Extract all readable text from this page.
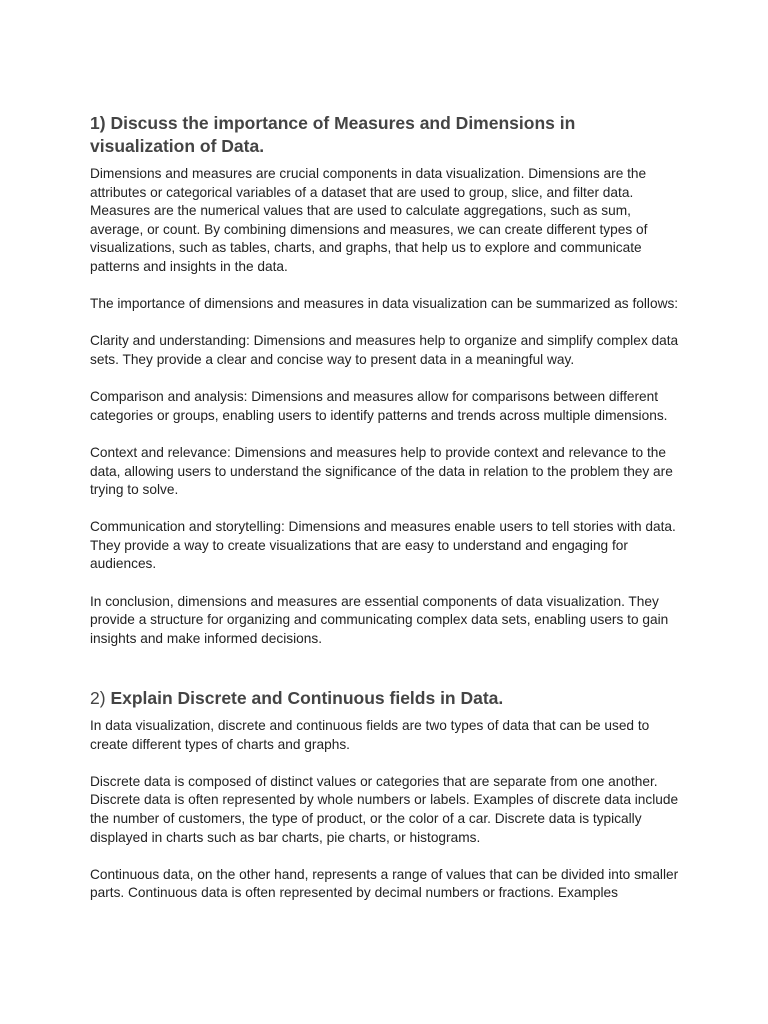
1) Discuss the importance of Measures and Dimensions in visualization of Data.

Dimensions and measures are crucial components in data visualization. Dimensions are the attributes or categorical variables of a dataset that are used to group, slice, and filter data. Measures are the numerical values that are used to calculate aggregations, such as sum, average, or count. By combining dimensions and measures, we can create different types of visualizations, such as tables, charts, and graphs, that help us to explore and communicate patterns and insights in the data.

The importance of dimensions and measures in data visualization can be summarized as follows:

Clarity and understanding: Dimensions and measures help to organize and simplify complex data sets. They provide a clear and concise way to present data in a meaningful way.

Comparison and analysis: Dimensions and measures allow for comparisons between different categories or groups, enabling users to identify patterns and trends across multiple dimensions.

Context and relevance: Dimensions and measures help to provide context and relevance to the data, allowing users to understand the significance of the data in relation to the problem they are trying to solve.

Communication and storytelling: Dimensions and measures enable users to tell stories with data. They provide a way to create visualizations that are easy to understand and engaging for audiences.

In conclusion, dimensions and measures are essential components of data visualization. They provide a structure for organizing and communicating complex data sets, enabling users to gain insights and make informed decisions.

2) Explain Discrete and Continuous fields in Data.

In data visualization, discrete and continuous fields are two types of data that can be used to create different types of charts and graphs.

Discrete data is composed of distinct values or categories that are separate from one another. Discrete data is often represented by whole numbers or labels. Examples of discrete data include the number of customers, the type of product, or the color of a car. Discrete data is typically displayed in charts such as bar charts, pie charts, or histograms.

Continuous data, on the other hand, represents a range of values that can be divided into smaller parts. Continuous data is often represented by decimal numbers or fractions. Examples
